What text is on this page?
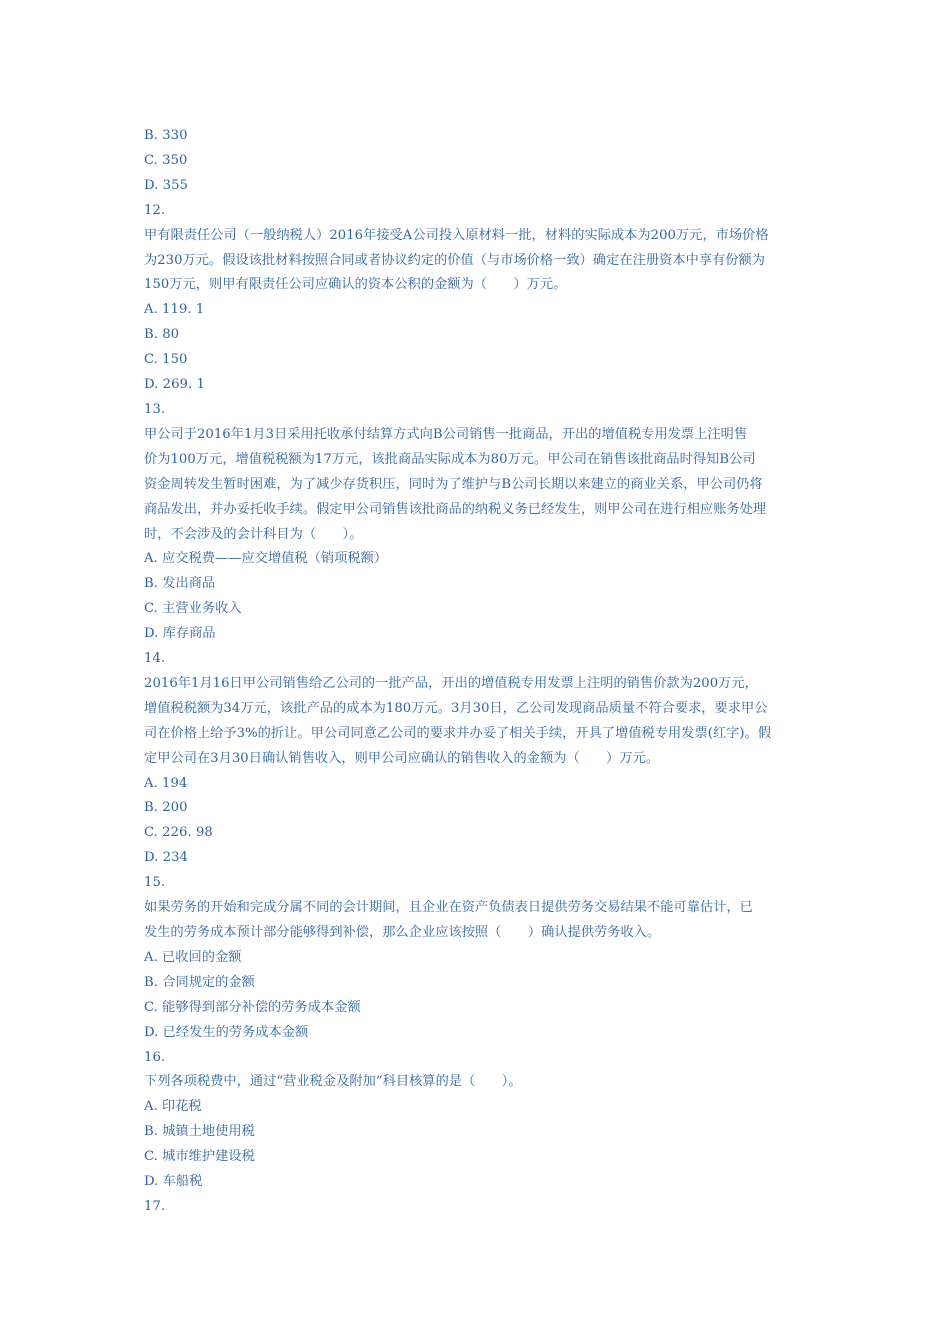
B. 330
C. 350
D. 355
12.
甲有限责任公司（一般纳税人）2016年接受A公司投入原材料一批，材料的实际成本为200万元，市场价格
为230万元。假设该批材料按照合同或者协议约定的价值（与市场价格一致）确定在注册资本中享有份额为
150万元，则甲有限责任公司应确认的资本公积的金额为（　　）万元。
A. 119. 1
B. 80
C. 150
D. 269. 1
13.
甲公司于2016年1月3日采用托收承付结算方式向B公司销售一批商品，开出的增值税专用发票上注明售
价为100万元，增值税税额为17万元，该批商品实际成本为80万元。甲公司在销售该批商品时得知B公司
资金周转发生暂时困难，为了减少存货积压，同时为了维护与B公司长期以来建立的商业关系，甲公司仍将
商品发出，并办妥托收手续。假定甲公司销售该批商品的纳税义务已经发生，则甲公司在进行相应账务处理
时，不会涉及的会计科目为（　　）。
A. 应交税费——应交增值税（销项税额）
B. 发出商品
C. 主营业务收入
D. 库存商品
14.
2016年1月16日甲公司销售给乙公司的一批产品，开出的增值税专用发票上注明的销售价款为200万元，
增值税税额为34万元，该批产品的成本为180万元。3月30日，乙公司发现商品质量不符合要求，要求甲公
司在价格上给予3%的折让。甲公司同意乙公司的要求并办妥了相关手续，开具了增值税专用发票(红字)。假
定甲公司在3月30日确认销售收入，则甲公司应确认的销售收入的金额为（　　）万元。
A. 194
B. 200
C. 226. 98
D. 234
15.
如果劳务的开始和完成分属不同的会计期间，且企业在资产负债表日提供劳务交易结果不能可靠估计，已
发生的劳务成本预计部分能够得到补偿，那么企业应该按照（　　）确认提供劳务收入。
A. 已收回的金额
B. 合同规定的金额
C. 能够得到部分补偿的劳务成本金额
D. 已经发生的劳务成本金额
16.
下列各项税费中，通过“营业税金及附加”科目核算的是（　　）。
A. 印花税
B. 城镇土地使用税
C. 城市维护建设税
D. 车船税
17.
